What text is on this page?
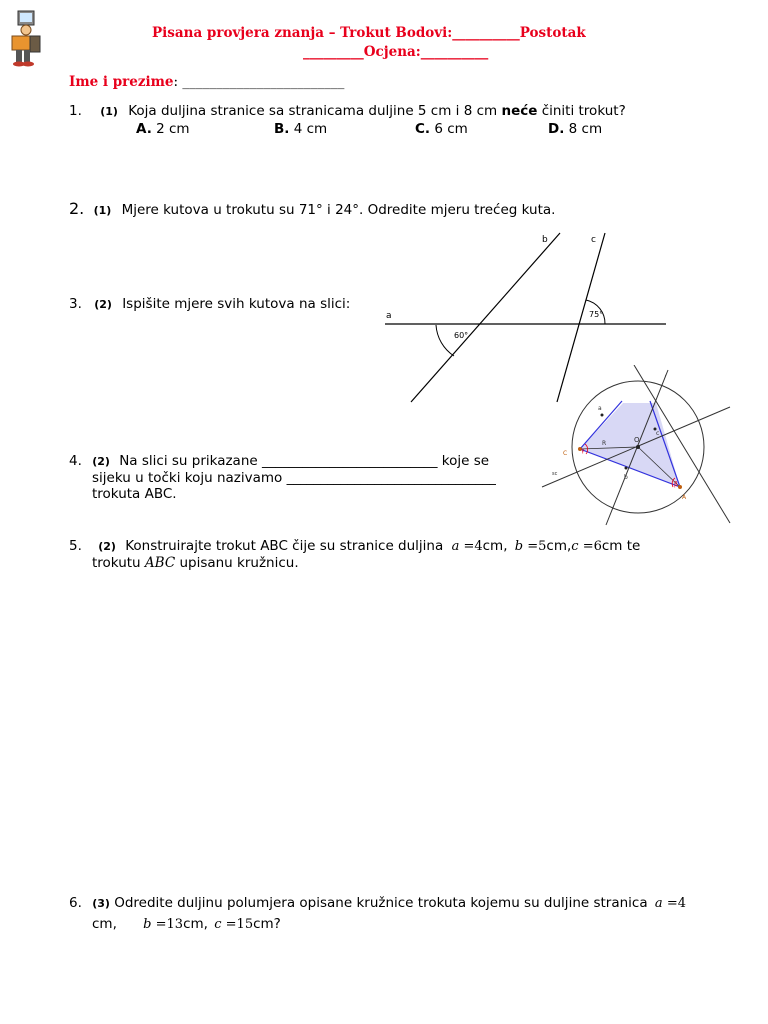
Pisana provjera znanja – Trokut Bodovi:__________Postotak
_________Ocjena:__________
Ime i prezime: ________________________
1. (1) Koja duljina stranice sa stranicama duljine 5 cm i 8 cm neće činiti trokut?
A. 2 cm	B. 4 cm	C. 6 cm	D. 8 cm
2. (1) Mjere kutova u trokutu su 71° i 24°. Odredite mjeru trećeg kuta.
3. (2) Ispišite mjere svih kutova na slici:
a
b	c
60°
75°
4. (2) Na slici su prikazane __________________________ koje se
sijeku u točki koju nazivamo _______________________________
trokuta ABC.
a
c
b
R	O
γ
β
A
C
sc
/
5. (2) Konstruirajte trokut ABC čije su stranice duljina a =4cm, b =5cm,c =6cm te
trokutu ABC upisanu kružnicu.
6. (3) Odredite duljinu polumjera opisane kružnice trokuta kojemu su duljine stranica a =4
cm, b =13cm, c =15cm?
